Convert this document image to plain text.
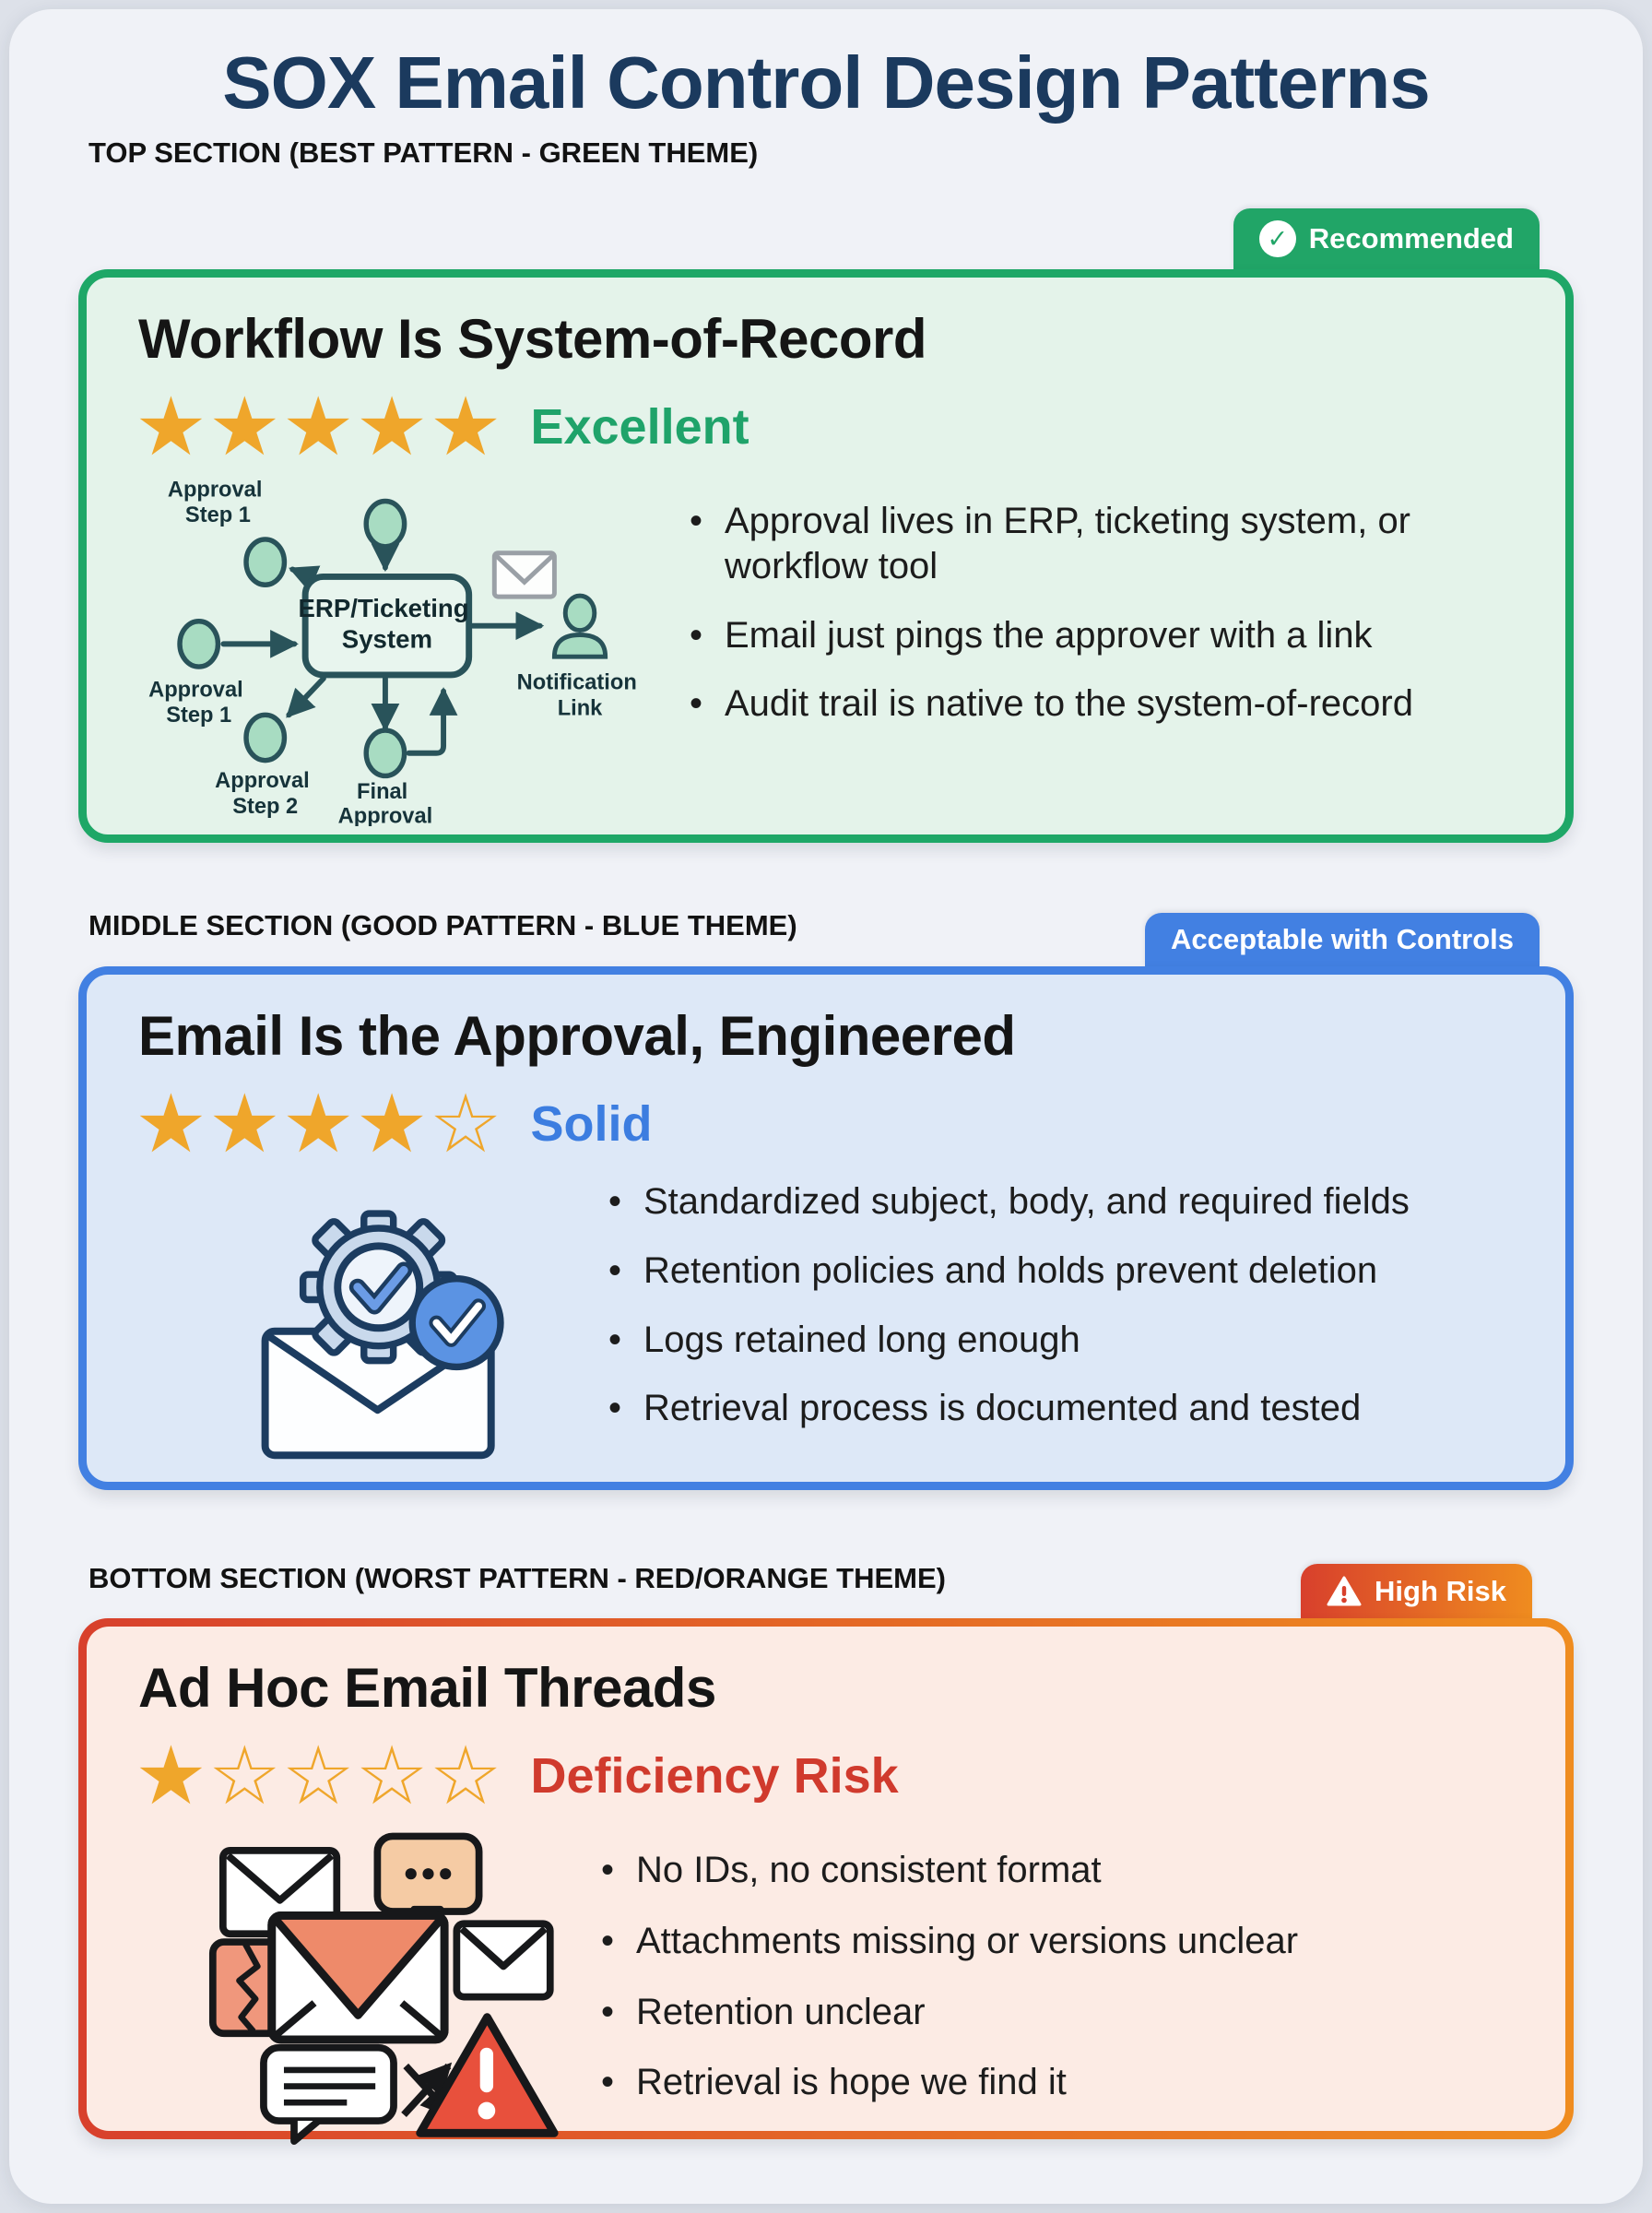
SOX Email Control Design Patterns
TOP SECTION (BEST PATTERN - GREEN THEME)
✓ Recommended
Workflow Is System-of-Record
★★★★★ Excellent
ERP/Ticketing System
Approval Step 1
Approval Step 1
Approval Step 2
Final Approval
Notification Link
• Approval lives in ERP, ticketing system, or workflow tool
• Email just pings the approver with a link
• Audit trail is native to the system-of-record
MIDDLE SECTION (GOOD PATTERN - BLUE THEME)	Acceptable with Controls
Email Is the Approval, Engineered
★★★★ ☆ Solid
• Standardized subject, body, and required fields
• Retention policies and holds prevent deletion
• Logs retained long enough
• Retrieval process is documented and tested
BOTTOM SECTION (WORST PATTERN - RED/ORANGE THEME)	High Risk
Ad Hoc Email Threads
★ ☆☆☆☆ Deficiency Risk
• No IDs, no consistent format
• Attachments missing or versions unclear
• Retention unclear
• Retrieval is hope we find it
